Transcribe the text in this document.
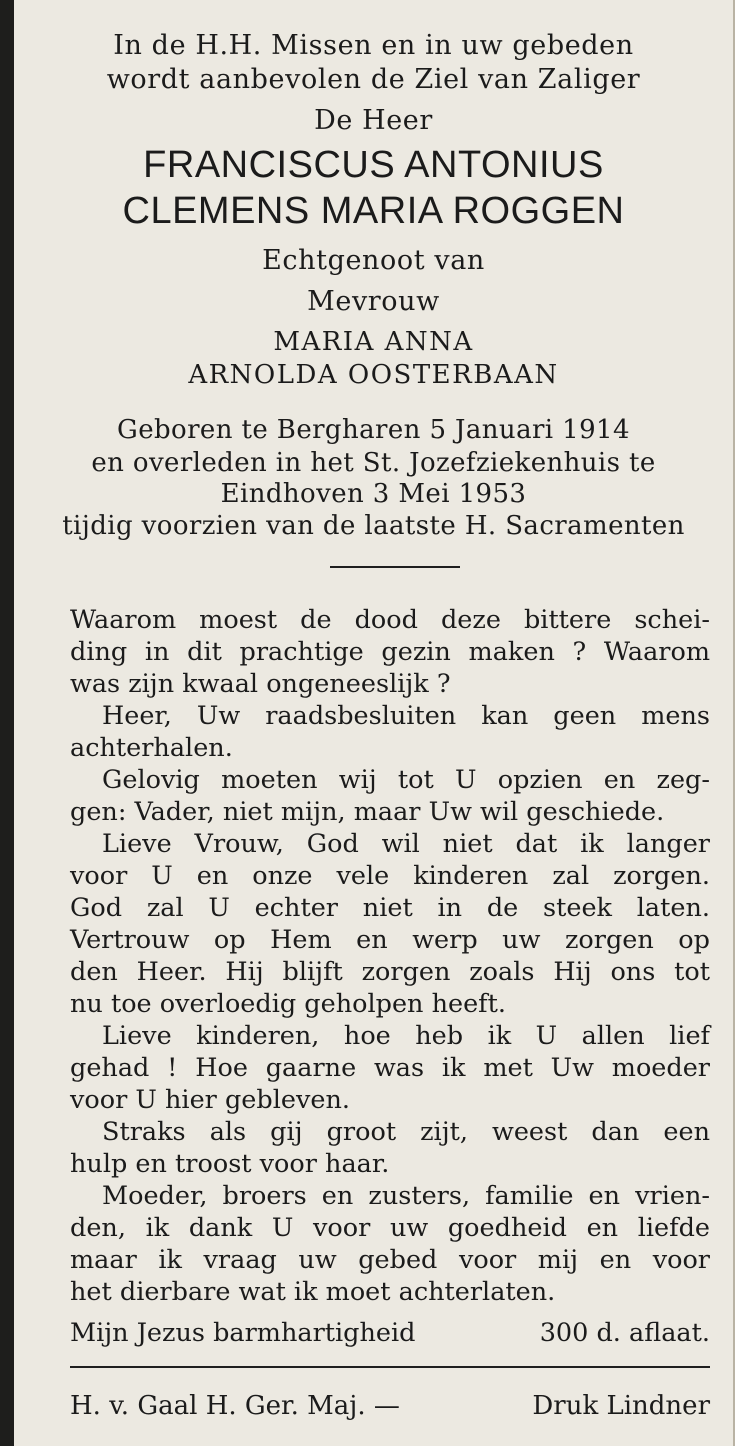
In de H.H. Missen en in uw gebeden

wordt aanbevolen de Ziel van Zaliger

De Heer

FRANCISCUS ANTONIUS

CLEMENS MARIA ROGGEN

Echtgenoot van

Mevrouw

MARIA ANNA

ARNOLDA OOSTERBAAN

Geboren te Bergharen 5 Januari 1914

en overleden in het St. Jozefziekenhuis te

Eindhoven 3 Mei 1953

tijdig voorzien van de laatste H. Sacramenten

Waarom moest de dood deze bittere schei-
ding in dit prachtige gezin maken ? Waarom
was zijn kwaal ongeneeslijk ?
Heer, Uw raadsbesluiten kan geen mens
achterhalen.
Gelovig moeten wij tot U opzien en zeg-
gen: Vader, niet mijn, maar Uw wil geschiede.
Lieve Vrouw, God wil niet dat ik langer
voor U en onze vele kinderen zal zorgen.
God zal U echter niet in de steek laten.
Vertrouw op Hem en werp uw zorgen op
den Heer. Hij blijft zorgen zoals Hij ons tot
nu toe overloedig geholpen heeft.
Lieve kinderen, hoe heb ik U allen lief
gehad ! Hoe gaarne was ik met Uw moeder
voor U hier gebleven.
Straks als gij groot zijt, weest dan een
hulp en troost voor haar.
Moeder, broers en zusters, familie en vrien-
den, ik dank U voor uw goedheid en liefde
maar ik vraag uw gebed voor mij en voor
het dierbare wat ik moet achterlaten.
Mijn Jezus barmhartigheid	300 d. aflaat.
H. v. Gaal H. Ger. Maj. —	Druk Lindner
